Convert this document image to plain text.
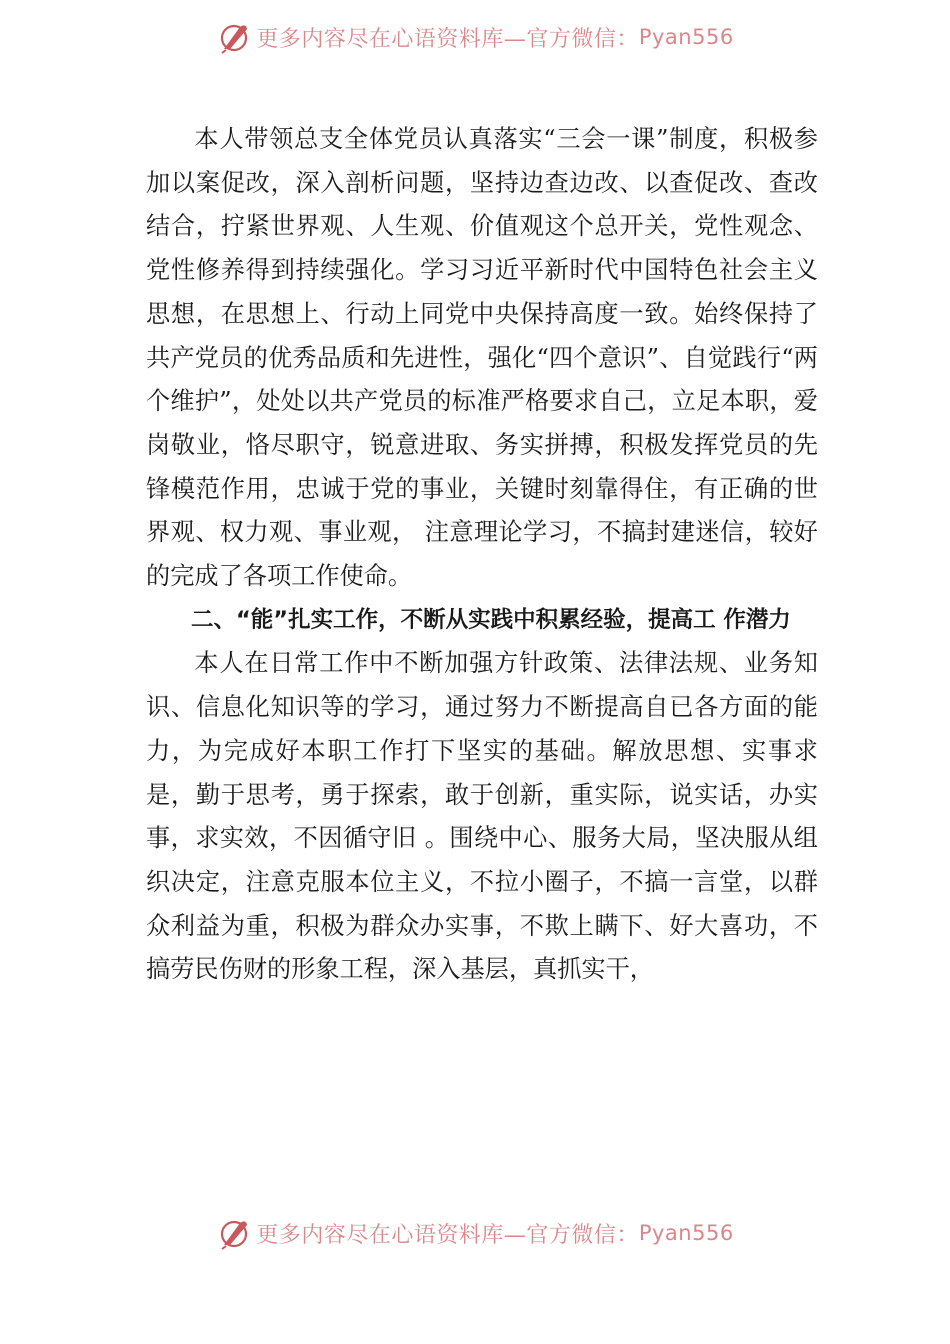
更多内容尽在心语资料库—官方微信： Pyan556

本人带领总支全体党员认真落实“三会一课”制度，积极参加以案促改，深入剖析问题，坚持边查边改、以查促改、查改结合，拧紧世界观、人生观、价值观这个总开关，党性观念、党性修养得到持续强化。学习习近平新时代中国特色社会主义思想，在思想上、行动上同党中央保持高度一致。始终保持了共产党员的优秀品质和先进性，强化“四个意识”、自觉践行“两个维护”，处处以共产党员的标准严格要求自己，立足本职，爱岗敬业，恪尽职守，锐意进取、务实拼搏，积极发挥党员的先锋模范作用，忠诚于党的事业，关键时刻靠得住，有正确的世界观、权力观、事业观， 注意理论学习，不搞封建迷信，较好的完成了各项工作使命。

二、“能”扎实工作，不断从实践中积累经验，提高工 作潜力

本人在日常工作中不断加强方针政策、法律法规、业务知识、信息化知识等的学习，通过努力不断提高自已各方面的能力，为完成好本职工作打下坚实的基础。解放思想、实事求是，勤于思考，勇于探索，敢于创新，重实际，说实话，办实事，求实效，不因循守旧 。围绕中心、服务大局，坚决服从组织决定，注意克服本位主义，不拉小圈子，不搞一言堂，以群众利益为重，积极为群众办实事，不欺上瞒下、好大喜功，不搞劳民伤财的形象工程，深入基层，真抓实干，

更多内容尽在心语资料库—官方微信： Pyan556
